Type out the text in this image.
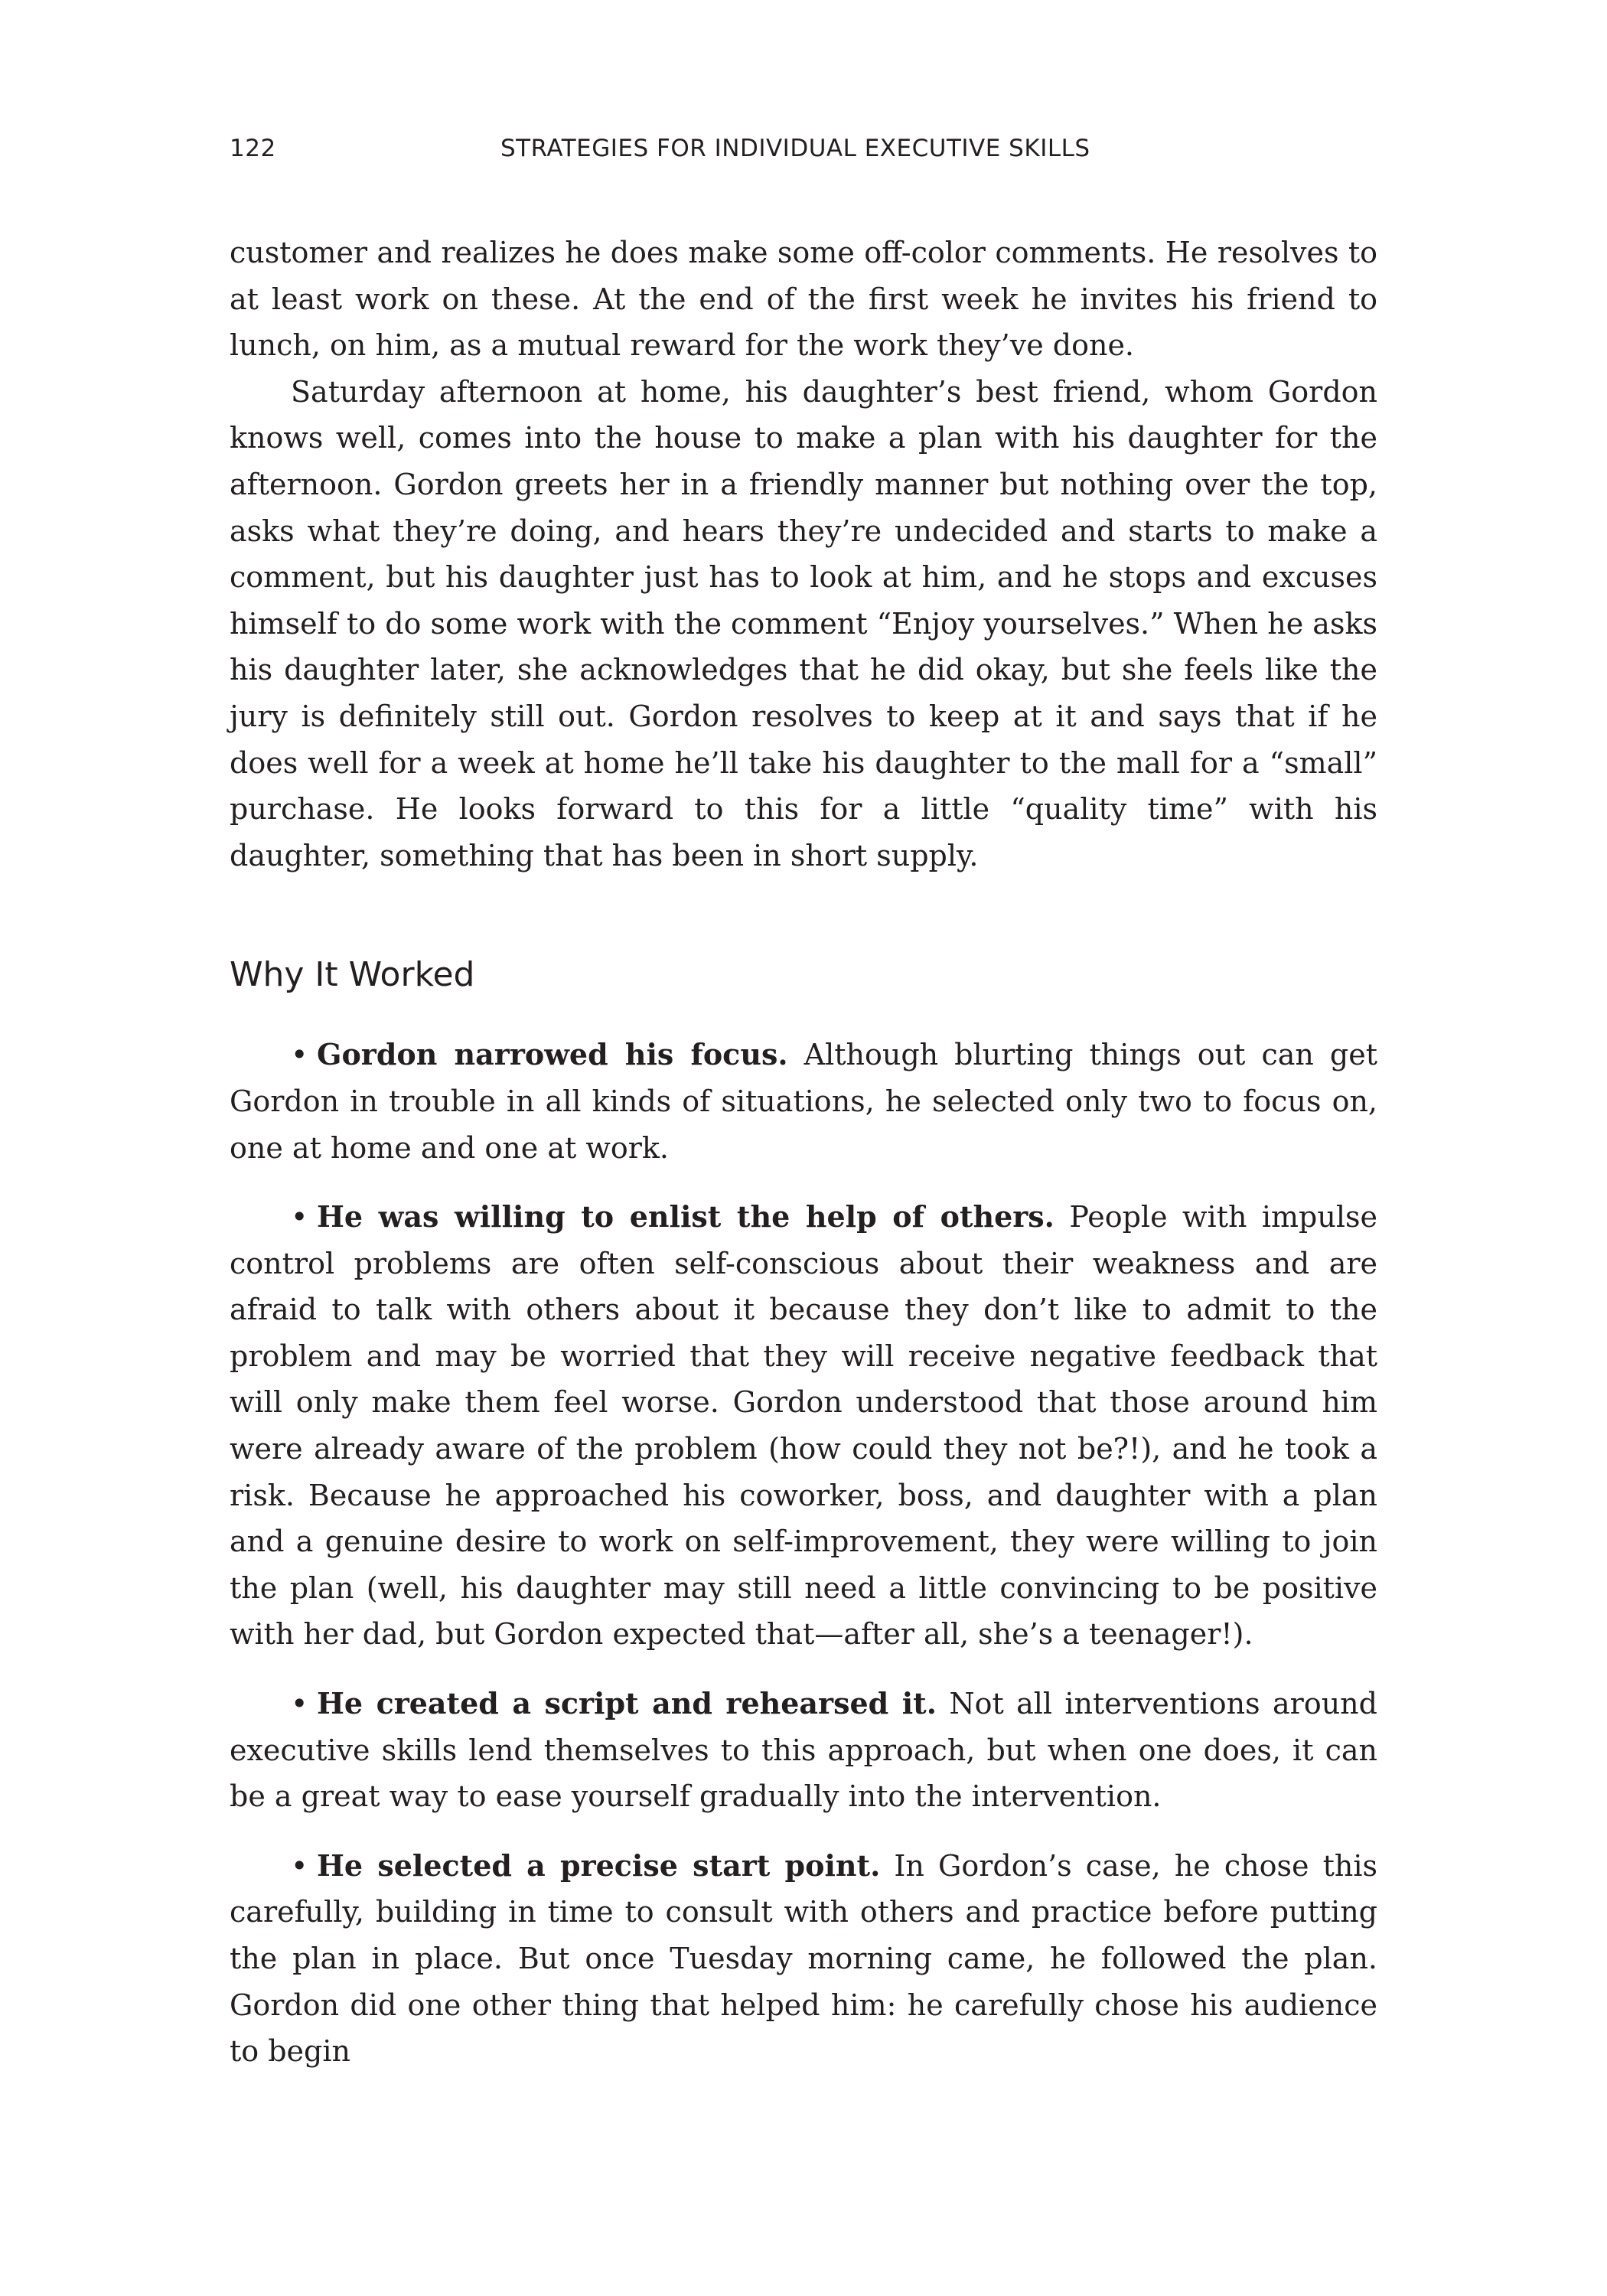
122	STRATEGIES FOR INDIVIDUAL EXECUTIVE SKILLS

customer and realizes he does make some off-color comments. He resolves to at least work on these. At the end of the first week he invites his friend to lunch, on him, as a mutual reward for the work they’ve done.

Saturday afternoon at home, his daughter’s best friend, whom Gordon knows well, comes into the house to make a plan with his daughter for the afternoon. Gordon greets her in a friendly manner but nothing over the top, asks what they’re doing, and hears they’re undecided and starts to make a comment, but his daughter just has to look at him, and he stops and excuses himself to do some work with the comment “Enjoy yourselves.” When he asks his daughter later, she acknowledges that he did okay, but she feels like the jury is definitely still out. Gordon resolves to keep at it and says that if he does well for a week at home he’ll take his daughter to the mall for a “small” purchase. He looks forward to this for a little “quality time” with his daughter, something that has been in short supply.

Why It Worked

• Gordon narrowed his focus. Although blurting things out can get Gordon in trouble in all kinds of situations, he selected only two to focus on, one at home and one at work.

• He was willing to enlist the help of others. People with impulse control problems are often self-conscious about their weakness and are afraid to talk with others about it because they don’t like to admit to the problem and may be worried that they will receive negative feedback that will only make them feel worse. Gordon understood that those around him were already aware of the problem (how could they not be?!), and he took a risk. Because he approached his coworker, boss, and daughter with a plan and a genuine desire to work on self-improvement, they were willing to join the plan (well, his daughter may still need a little convincing to be positive with her dad, but Gordon expected that—after all, she’s a teenager!).

• He created a script and rehearsed it. Not all interventions around executive skills lend themselves to this approach, but when one does, it can be a great way to ease yourself gradually into the intervention.

• He selected a precise start point. In Gordon’s case, he chose this carefully, building in time to consult with others and practice before putting the plan in place. But once Tuesday morning came, he followed the plan. Gordon did one other thing that helped him: he carefully chose his audience to begin
